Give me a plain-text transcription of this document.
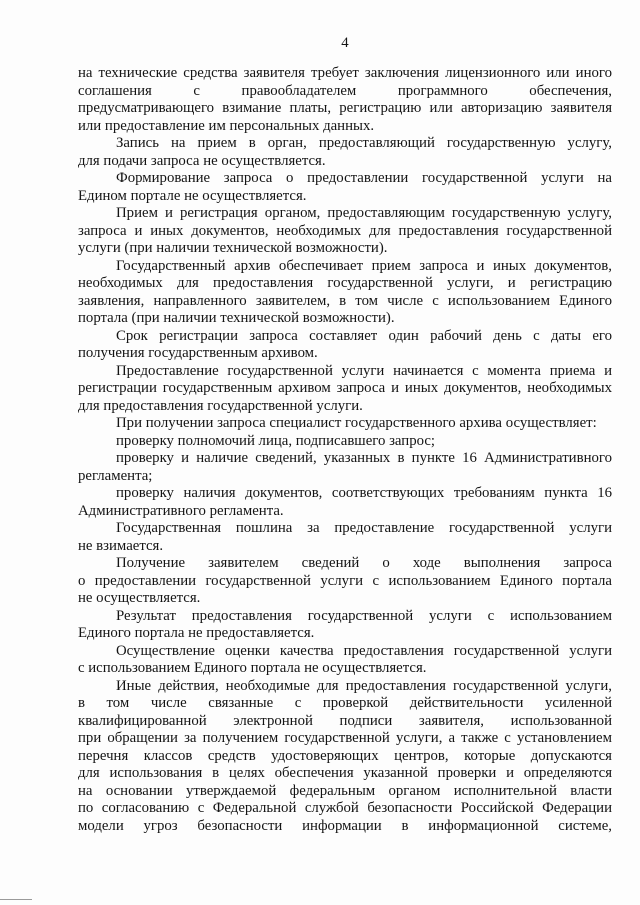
4
на технические средства заявителя требует заключения лицензионного или иного
соглашения с правообладателем программного обеспечения,
предусматривающего взимание платы, регистрацию или авторизацию заявителя
или предоставление им персональных данных.
Запись на прием в орган, предоставляющий государственную услугу,
для подачи запроса не осуществляется.
Формирование запроса о предоставлении государственной услуги на
Едином портале не осуществляется.
Прием и регистрация органом, предоставляющим государственную услугу,
запроса и иных документов, необходимых для предоставления государственной
услуги (при наличии технической возможности).
Государственный архив обеспечивает прием запроса и иных документов,
необходимых для предоставления государственной услуги, и регистрацию
заявления, направленного заявителем, в том числе с использованием Единого
портала (при наличии технической возможности).
Срок регистрации запроса составляет один рабочий день с даты его
получения государственным архивом.
Предоставление государственной услуги начинается с момента приема и
регистрации государственным архивом запроса и иных документов, необходимых
для предоставления государственной услуги.
При получении запроса специалист государственного архива осуществляет:
проверку полномочий лица, подписавшего запрос;
проверку и наличие сведений, указанных в пункте 16 Административного
регламента;
проверку наличия документов, соответствующих требованиям пункта 16
Административного регламента.
Государственная пошлина за предоставление государственной услуги
не взимается.
Получение заявителем сведений о ходе выполнения запроса
о предоставлении государственной услуги с использованием Единого портала
не осуществляется.
Результат предоставления государственной услуги с использованием
Единого портала не предоставляется.
Осуществление оценки качества предоставления государственной услуги
с использованием Единого портала не осуществляется.
Иные действия, необходимые для предоставления государственной услуги,
в том числе связанные с проверкой действительности усиленной
квалифицированной электронной подписи заявителя, использованной
при обращении за получением государственной услуги, а также с установлением
перечня классов средств удостоверяющих центров, которые допускаются
для использования в целях обеспечения указанной проверки и определяются
на основании утверждаемой федеральным органом исполнительной власти
по согласованию с Федеральной службой безопасности Российской Федерации
модели угроз безопасности информации в информационной системе,
